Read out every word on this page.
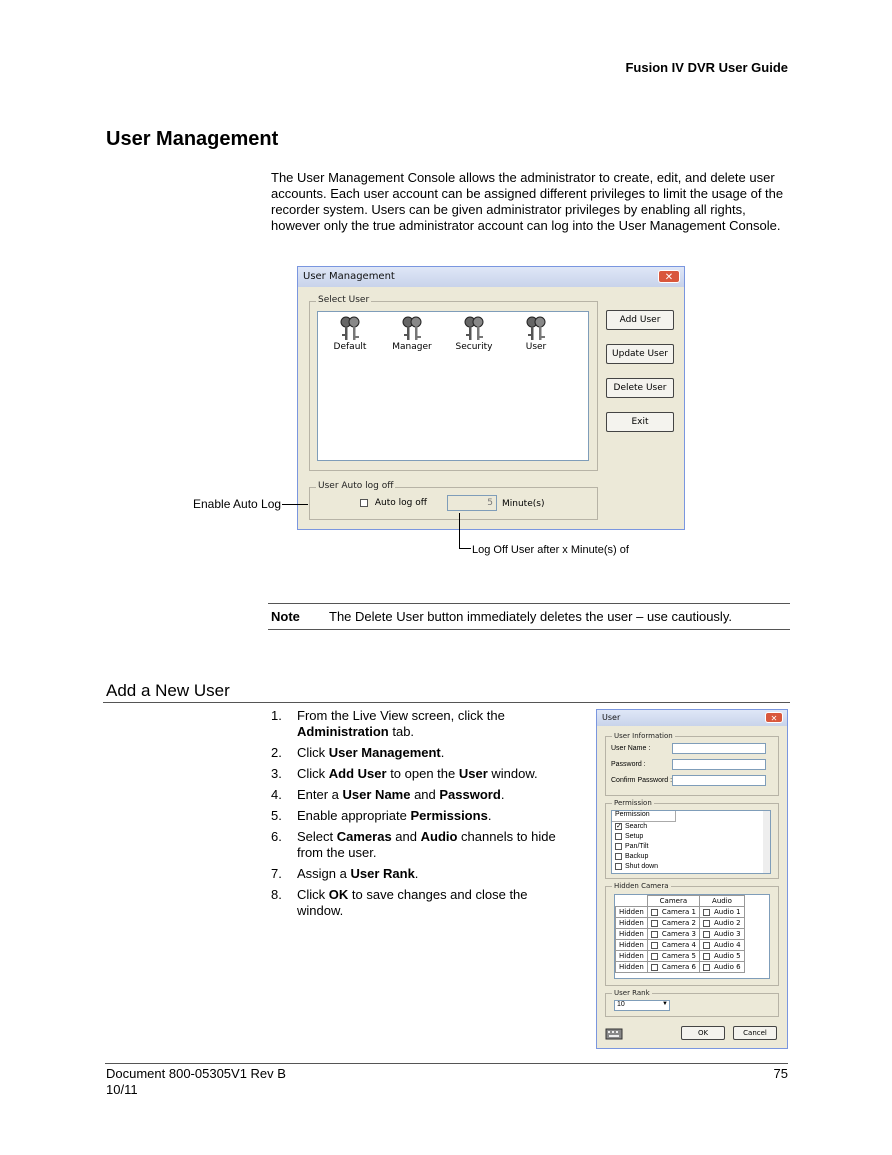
Fusion IV DVR User Guide
User Management
The User Management Console allows the administrator to create, edit, and delete user accounts. Each user account can be assigned different privileges to limit the usage of the recorder system. Users can be given administrator privileges by enabling all rights, however only the true administrator account can log into the User Management Console.
User Management	✕
Select User
Default	Manager	Security	User
Add User
Update User
Delete User
Exit
User Auto log off
Auto log off	5	Minute(s)
Enable Auto Log
Log Off User after x Minute(s) of
Note The Delete User button immediately deletes the user – use cautiously.
Add a New User
1. From the Live View screen, click the Administration tab.
2. Click User Management.
3. Click Add User to open the User window.
4. Enter a User Name and Password.
5. Enable appropriate Permissions.
6. Select Cameras and Audio channels to hide from the user.
7. Assign a User Rank.
8. Click OK to save changes and close the window.
User	✕
User Information
User Name :
Password :
Confirm Password :
Permission
Permission
✓ Search
Setup
Pan/Tilt
Backup
Shut down
Hidden Camera
	Camera	Audio
Hidden	Camera 1	Audio 1
Hidden	Camera 2	Audio 2
Hidden	Camera 3	Audio 3
Hidden	Camera 4	Audio 4
Hidden	Camera 5	Audio 5
Hidden	Camera 6	Audio 6
User Rank
10	▼
OK	Cancel
Document 800-05305V1 Rev B
10/11
75
